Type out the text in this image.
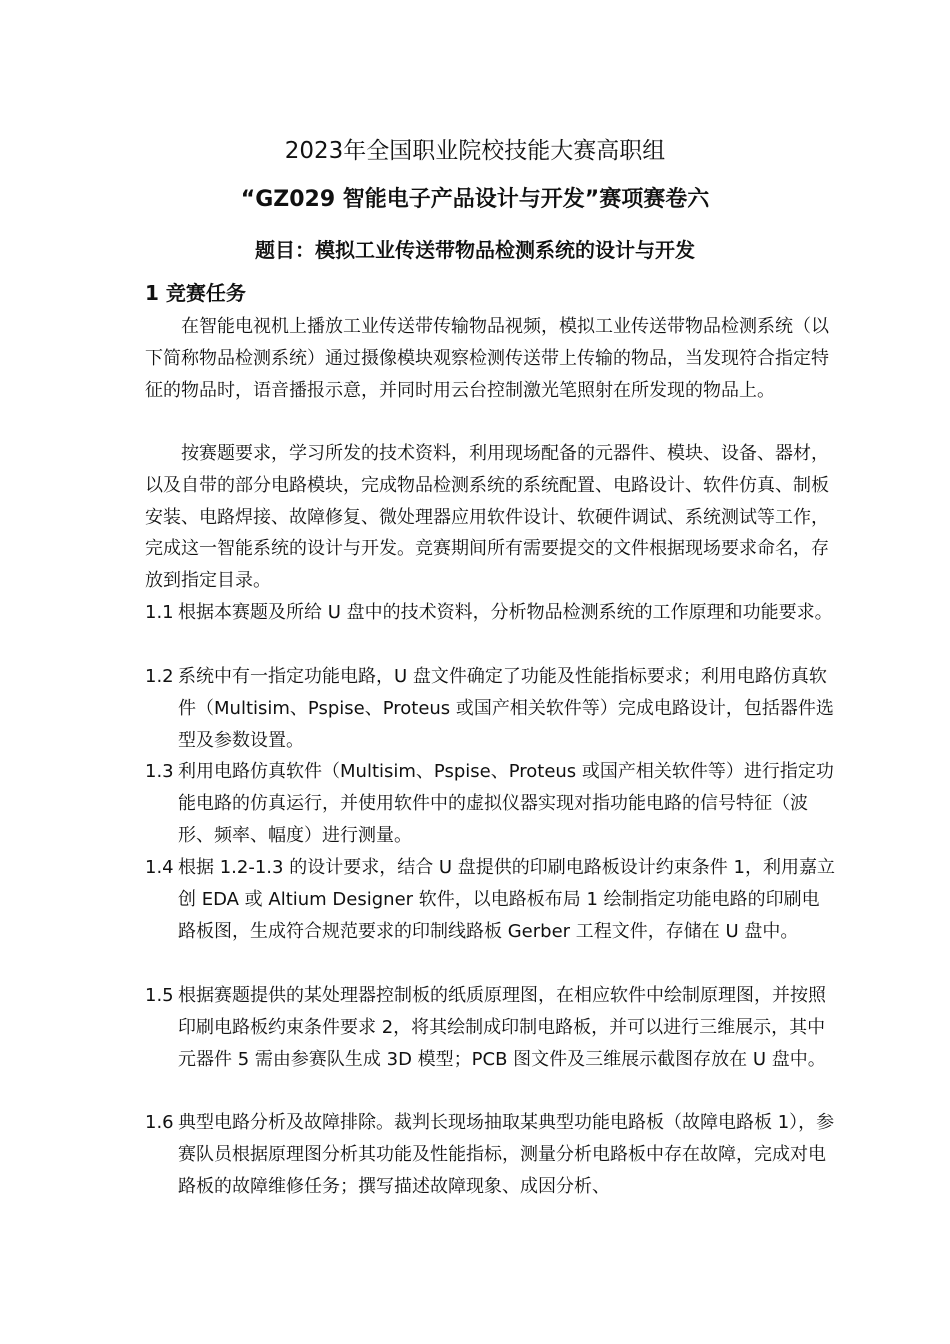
2023年全国职业院校技能大赛高职组
“GZ029 智能电子产品设计与开发”赛项赛卷六
题目：模拟工业传送带物品检测系统的设计与开发
1 竞赛任务

在智能电视机上播放工业传送带传输物品视频，模拟工业传送带物品检测系统（以下简称物品检测系统）通过摄像模块观察检测传送带上传输的物品，当发现符合指定特征的物品时，语音播报示意，并同时用云台控制激光笔照射在所发现的物品上。

按赛题要求，学习所发的技术资料，利用现场配备的元器件、模块、设备、器材，以及自带的部分电路模块，完成物品检测系统的系统配置、电路设计、软件仿真、制板安装、电路焊接、故障修复、微处理器应用软件设计、软硬件调试、系统测试等工作，完成这一智能系统的设计与开发。竞赛期间所有需要提交的文件根据现场要求命名，存放到指定目录。

1.1 根据本赛题及所给 U 盘中的技术资料，分析物品检测系统的工作原理和功能要求。
1.2 系统中有一指定功能电路，U 盘文件确定了功能及性能指标要求；利用电路仿真软件（Multisim、Pspise、Proteus 或国产相关软件等）完成电路设计，包括器件选型及参数设置。
1.3 利用电路仿真软件（Multisim、Pspise、Proteus 或国产相关软件等）进行指定功能电路的仿真运行，并使用软件中的虚拟仪器实现对指功能电路的信号特征（波形、频率、幅度）进行测量。
1.4 根据 1.2-1.3 的设计要求，结合 U 盘提供的印刷电路板设计约束条件 1，利用嘉立创 EDA 或 Altium Designer 软件，以电路板布局 1 绘制指定功能电路的印刷电路板图，生成符合规范要求的印制线路板 Gerber 工程文件，存储在 U 盘中。
1.5 根据赛题提供的某处理器控制板的纸质原理图，在相应软件中绘制原理图，并按照印刷电路板约束条件要求 2，将其绘制成印制电路板，并可以进行三维展示，其中元器件 5 需由参赛队生成 3D 模型；PCB 图文件及三维展示截图存放在 U 盘中。
1.6 典型电路分析及故障排除。裁判长现场抽取某典型功能电路板（故障电路板 1），参赛队员根据原理图分析其功能及性能指标，测量分析电路板中存在故障，完成对电路板的故障维修任务；撰写描述故障现象、成因分析、
